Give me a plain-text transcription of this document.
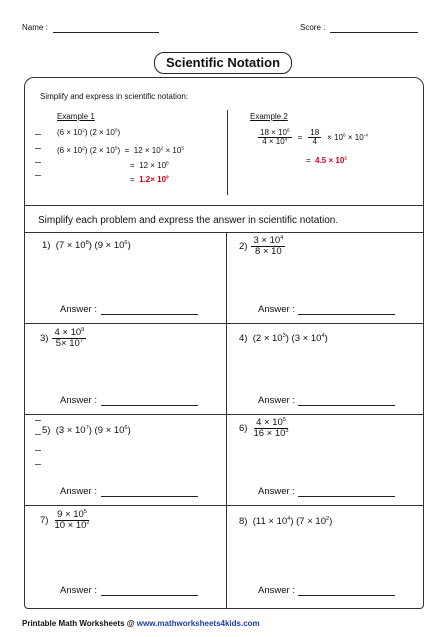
Name :	Score :
Scientific Notation
Simplify and express in scientific notation:
Example 1
$(6 \times 10^2)$ $(2 \times 10^5)$
$(6 \times 10^2)$ $(2 \times 10^5) = 12 \times 10^2 \times 10^5$
=  $12 \times 10^8$
=  $1.2\times 10^9$
Example 2
$\frac{18 \times 10^6}{4 \times 10^4} = \frac{18}{4} \times 10^6 \times 10^{-4}$
=  $4.5 \times 10^2$
Simplify each problem and express the answer in scientific notation.
1)  $(7 \times 10^8)$ $(9 \times 10^6)$	$2) \frac{3 \times 10^4}{8 \times 10}$
$3) \frac{4 \times 10^9}{5\times 10^7}$	4)  $(2 \times 10^3)$ $(3 \times 10^4)$
5)  $(3 \times 10^7)$ $(9 \times 10^6)$	$6) \frac{4 \times 10^5}{16 \times 10^3}$
$7) \frac{9 \times 10^5}{10 \times 10^2}$	8)  $(11 \times 10^4)$ $(7 \times 10^2)$
Answer :	Answer :
Answer :	Answer :
Answer :	Answer :
Answer :	Answer :
Printable Math Worksheets @ www.mathworksheets4kids.com
